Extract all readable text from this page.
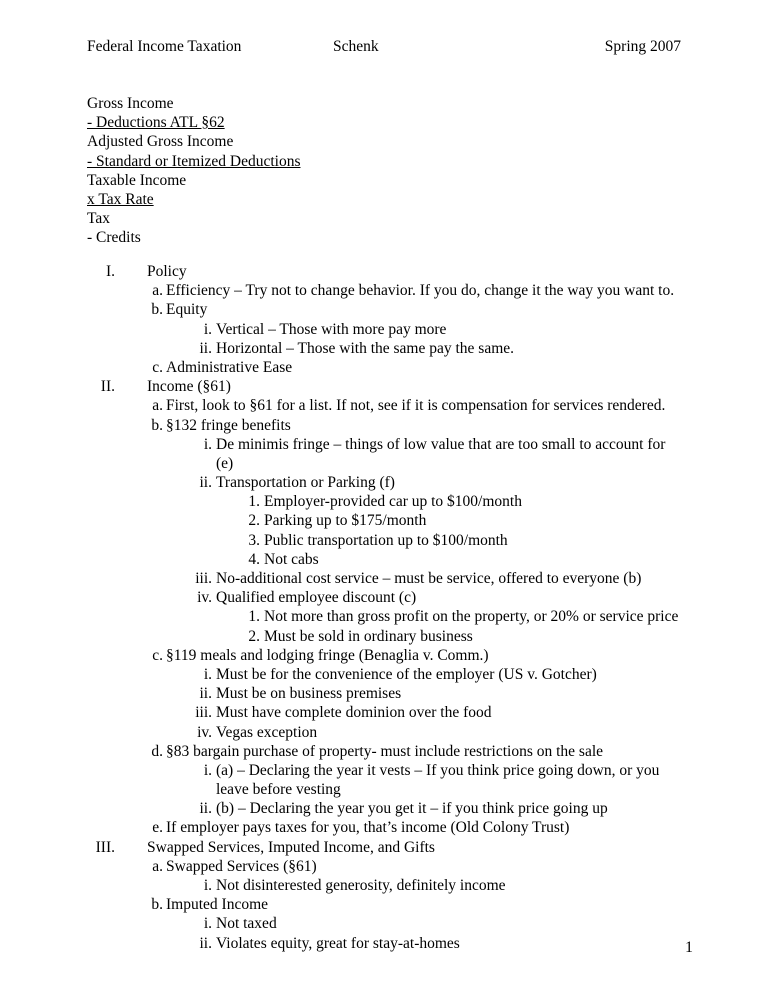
Federal Income Taxation	Schenk	Spring 2007
Gross Income
- Deductions ATL §62
Adjusted Gross Income
- Standard or Itemized Deductions
Taxable Income
x Tax Rate
Tax
- Credits
I. Policy
a. Efficiency – Try not to change behavior. If you do, change it the way you want to.
b. Equity
i. Vertical – Those with more pay more
ii. Horizontal – Those with the same pay the same.
c. Administrative Ease
II. Income (§61)
a. First, look to §61 for a list. If not, see if it is compensation for services rendered.
b. §132 fringe benefits
i. De minimis fringe – things of low value that are too small to account for
(e)
ii. Transportation or Parking (f)
1. Employer-provided car up to $100/month
2. Parking up to $175/month
3. Public transportation up to $100/month
4. Not cabs
iii. No-additional cost service – must be service, offered to everyone (b)
iv. Qualified employee discount (c)
1. Not more than gross profit on the property, or 20% or service price
2. Must be sold in ordinary business
c. §119 meals and lodging fringe (Benaglia v. Comm.)
i. Must be for the convenience of the employer (US v. Gotcher)
ii. Must be on business premises
iii. Must have complete dominion over the food
iv. Vegas exception
d. §83 bargain purchase of property- must include restrictions on the sale
i. (a) – Declaring the year it vests – If you think price going down, or you
leave before vesting
ii. (b) – Declaring the year you get it – if you think price going up
e. If employer pays taxes for you, that’s income (Old Colony Trust)
III. Swapped Services, Imputed Income, and Gifts
a. Swapped Services (§61)
i. Not disinterested generosity, definitely income
b. Imputed Income
i. Not taxed
ii. Violates equity, great for stay-at-homes	1
